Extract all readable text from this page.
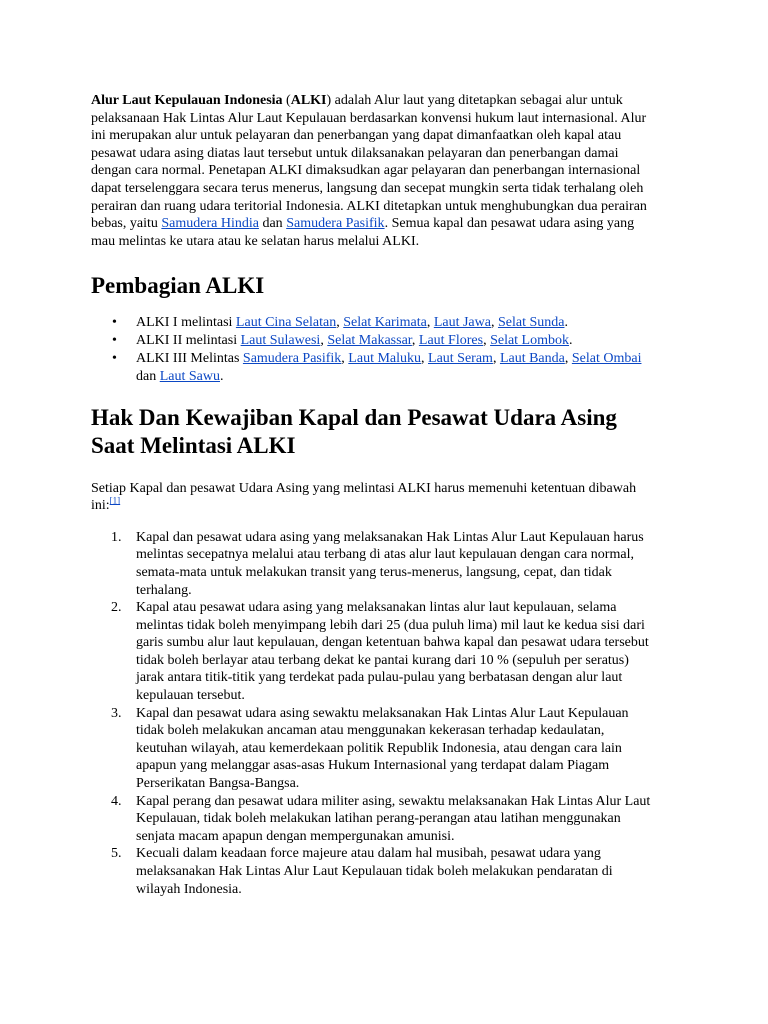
Alur Laut Kepulauan Indonesia (ALKI) adalah Alur laut yang ditetapkan sebagai alur untuk pelaksanaan Hak Lintas Alur Laut Kepulauan berdasarkan konvensi hukum laut internasional. Alur ini merupakan alur untuk pelayaran dan penerbangan yang dapat dimanfaatkan oleh kapal atau pesawat udara asing diatas laut tersebut untuk dilaksanakan pelayaran dan penerbangan damai dengan cara normal. Penetapan ALKI dimaksudkan agar pelayaran dan penerbangan internasional dapat terselenggara secara terus menerus, langsung dan secepat mungkin serta tidak terhalang oleh perairan dan ruang udara teritorial Indonesia. ALKI ditetapkan untuk menghubungkan dua perairan bebas, yaitu Samudera Hindia dan Samudera Pasifik. Semua kapal dan pesawat udara asing yang mau melintas ke utara atau ke selatan harus melalui ALKI.

Pembagian ALKI
• ALKI I melintasi Laut Cina Selatan, Selat Karimata, Laut Jawa, Selat Sunda.
• ALKI II melintasi Laut Sulawesi, Selat Makassar, Laut Flores, Selat Lombok.
• ALKI III Melintas Samudera Pasifik, Laut Maluku, Laut Seram, Laut Banda, Selat Ombai dan Laut Sawu.
Hak Dan Kewajiban Kapal dan Pesawat Udara Asing Saat Melintasi ALKI

Setiap Kapal dan pesawat Udara Asing yang melintasi ALKI harus memenuhi ketentuan dibawah ini:[1]

1. Kapal dan pesawat udara asing yang melaksanakan Hak Lintas Alur Laut Kepulauan harus melintas secepatnya melalui atau terbang di atas alur laut kepulauan dengan cara normal, semata-mata untuk melakukan transit yang terus-menerus, langsung, cepat, dan tidak terhalang.
2. Kapal atau pesawat udara asing yang melaksanakan lintas alur laut kepulauan, selama melintas tidak boleh menyimpang lebih dari 25 (dua puluh lima) mil laut ke kedua sisi dari garis sumbu alur laut kepulauan, dengan ketentuan bahwa kapal dan pesawat udara tersebut tidak boleh berlayar atau terbang dekat ke pantai kurang dari 10 % (sepuluh per seratus) jarak antara titik-titik yang terdekat pada pulau-pulau yang berbatasan dengan alur laut kepulauan tersebut.
3. Kapal dan pesawat udara asing sewaktu melaksanakan Hak Lintas Alur Laut Kepulauan tidak boleh melakukan ancaman atau menggunakan kekerasan terhadap kedaulatan, keutuhan wilayah, atau kemerdekaan politik Republik Indonesia, atau dengan cara lain apapun yang melanggar asas-asas Hukum Internasional yang terdapat dalam Piagam Perserikatan Bangsa-Bangsa.
4. Kapal perang dan pesawat udara militer asing, sewaktu melaksanakan Hak Lintas Alur Laut Kepulauan, tidak boleh melakukan latihan perang-perangan atau latihan menggunakan senjata macam apapun dengan mempergunakan amunisi.
5. Kecuali dalam keadaan force majeure atau dalam hal musibah, pesawat udara yang melaksanakan Hak Lintas Alur Laut Kepulauan tidak boleh melakukan pendaratan di wilayah Indonesia.
